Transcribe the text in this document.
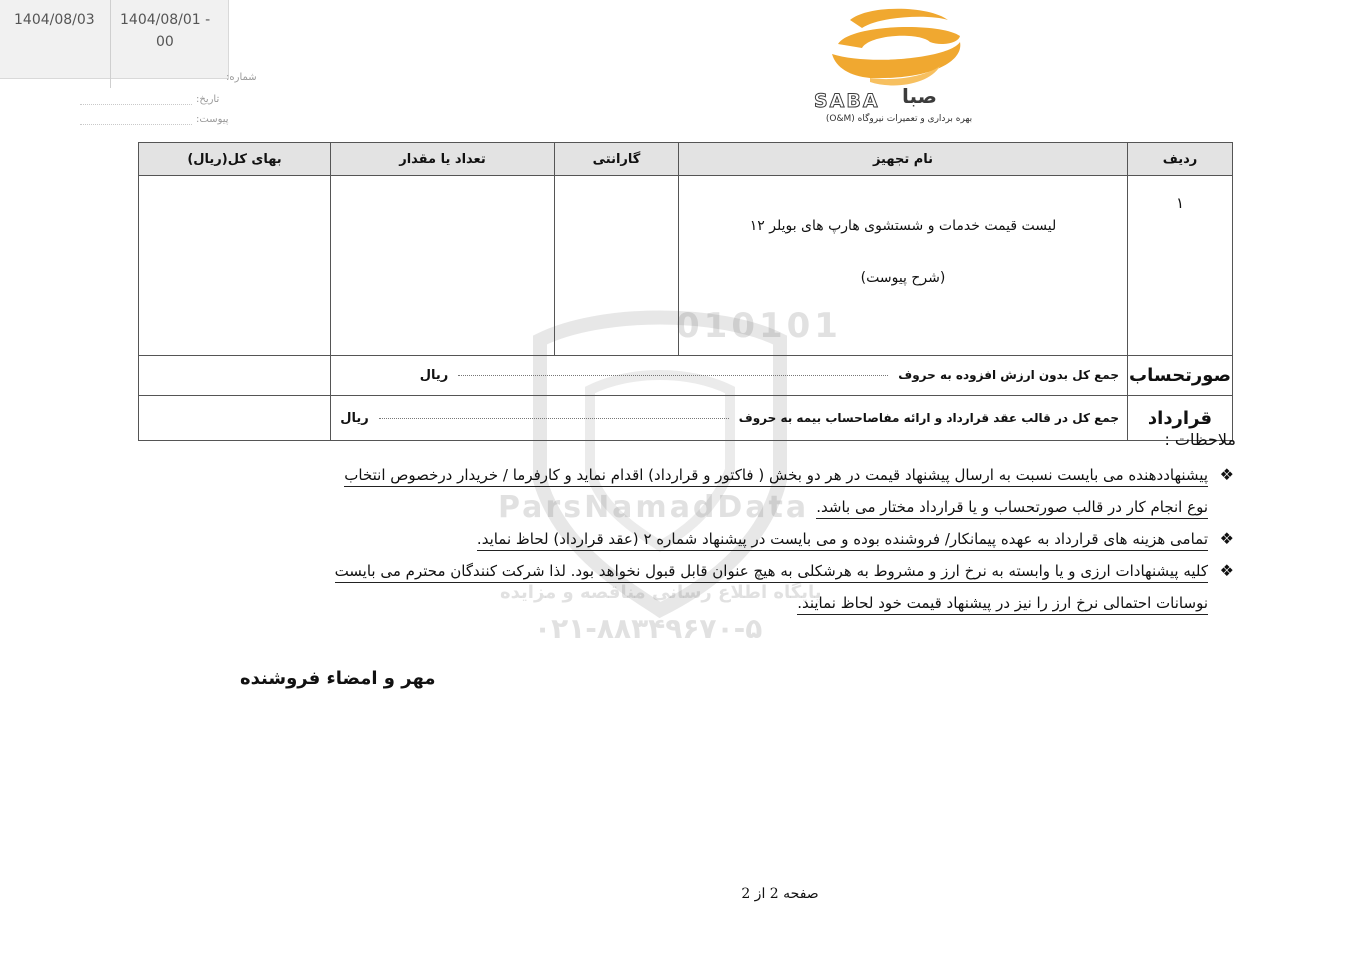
1404/08/01 -
00
1404/08/03
شماره:
تاریخ:
پیوست:
SABA صبا
بهره برداری و تعمیرات نیروگاه (O&M)
010101
ParsNamadData
پایگاه اطلاع رسانی مناقصه و مزایده
۰۲۱-۸۸۳۴۹۶۷۰-۵
ردیف	نام تجهیز	گارانتی	تعداد یا مقدار	بهای کل(ریال)
۱	لیست قیمت خدمات و شستشوی هارپ های بویلر ۱۲
(شرح پیوست)			

صورتحساب	جمع کل بدون ارزش افزوده به حروفریال			
قرارداد	جمع کل در قالب عقد قرارداد و ارائه مفاصاحساب بیمه به حروفریال			
ملاحظات :
❖
پیشنهاددهنده می بایست نسبت به ارسال پیشنهاد قیمت در هر دو بخش ( فاکتور و قرارداد) اقدام نماید و کارفرما / خریدار درخصوص انتخاب
نوع انجام کار در قالب صورتحساب و یا قرارداد مختار می باشد.
❖
تمامی هزینه های قرارداد به عهده پیمانکار/ فروشنده بوده و می بایست در پیشنهاد شماره ۲ (عقد قرارداد) لحاظ نماید.
❖
کلیه پیشنهادات ارزی و یا وابسته به نرخ ارز و مشروط به هرشکلی به هیچ عنوان قابل قبول نخواهد بود. لذا شرکت کنندگان محترم می بایست
نوسانات احتمالی نرخ ارز را نیز در پیشنهاد قیمت خود لحاظ نمایند.
مهر و امضاء فروشنده
صفحه 2 از 2
